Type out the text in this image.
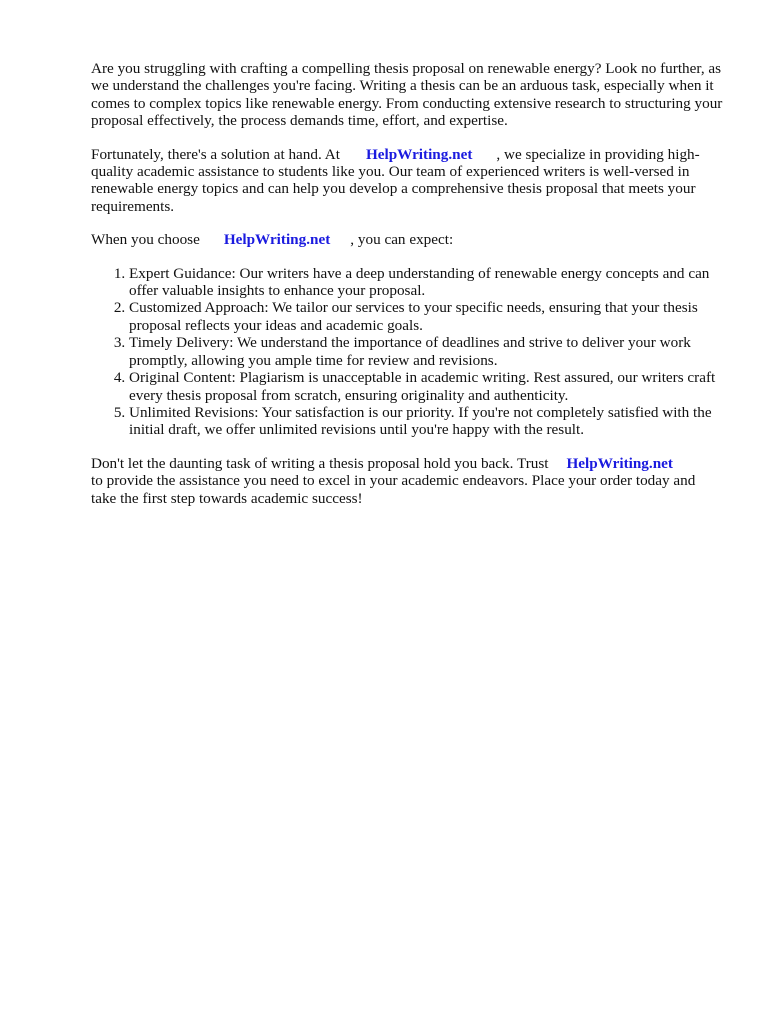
Are you struggling with crafting a compelling thesis proposal on renewable energy? Look no further, as we understand the challenges you're facing. Writing a thesis can be an arduous task, especially when it comes to complex topics like renewable energy. From conducting extensive research to structuring your proposal effectively, the process demands time, effort, and expertise.

Fortunately, there's a solution at hand. At HelpWriting.net , we specialize in providing high-quality academic assistance to students like you. Our team of experienced writers is well-versed in renewable energy topics and can help you develop a comprehensive thesis proposal that meets your requirements.

When you choose HelpWriting.net , you can expect:

1. Expert Guidance: Our writers have a deep understanding of renewable energy concepts and can offer valuable insights to enhance your proposal.
2. Customized Approach: We tailor our services to your specific needs, ensuring that your thesis proposal reflects your ideas and academic goals.
3. Timely Delivery: We understand the importance of deadlines and strive to deliver your work promptly, allowing you ample time for review and revisions.
4. Original Content: Plagiarism is unacceptable in academic writing. Rest assured, our writers craft every thesis proposal from scratch, ensuring originality and authenticity.
5. Unlimited Revisions: Your satisfaction is our priority. If you're not completely satisfied with the initial draft, we offer unlimited revisions until you're happy with the result.

Don't let the daunting task of writing a thesis proposal hold you back. Trust HelpWriting.net
to provide the assistance you need to excel in your academic endeavors. Place your order today and take the first step towards academic success!
